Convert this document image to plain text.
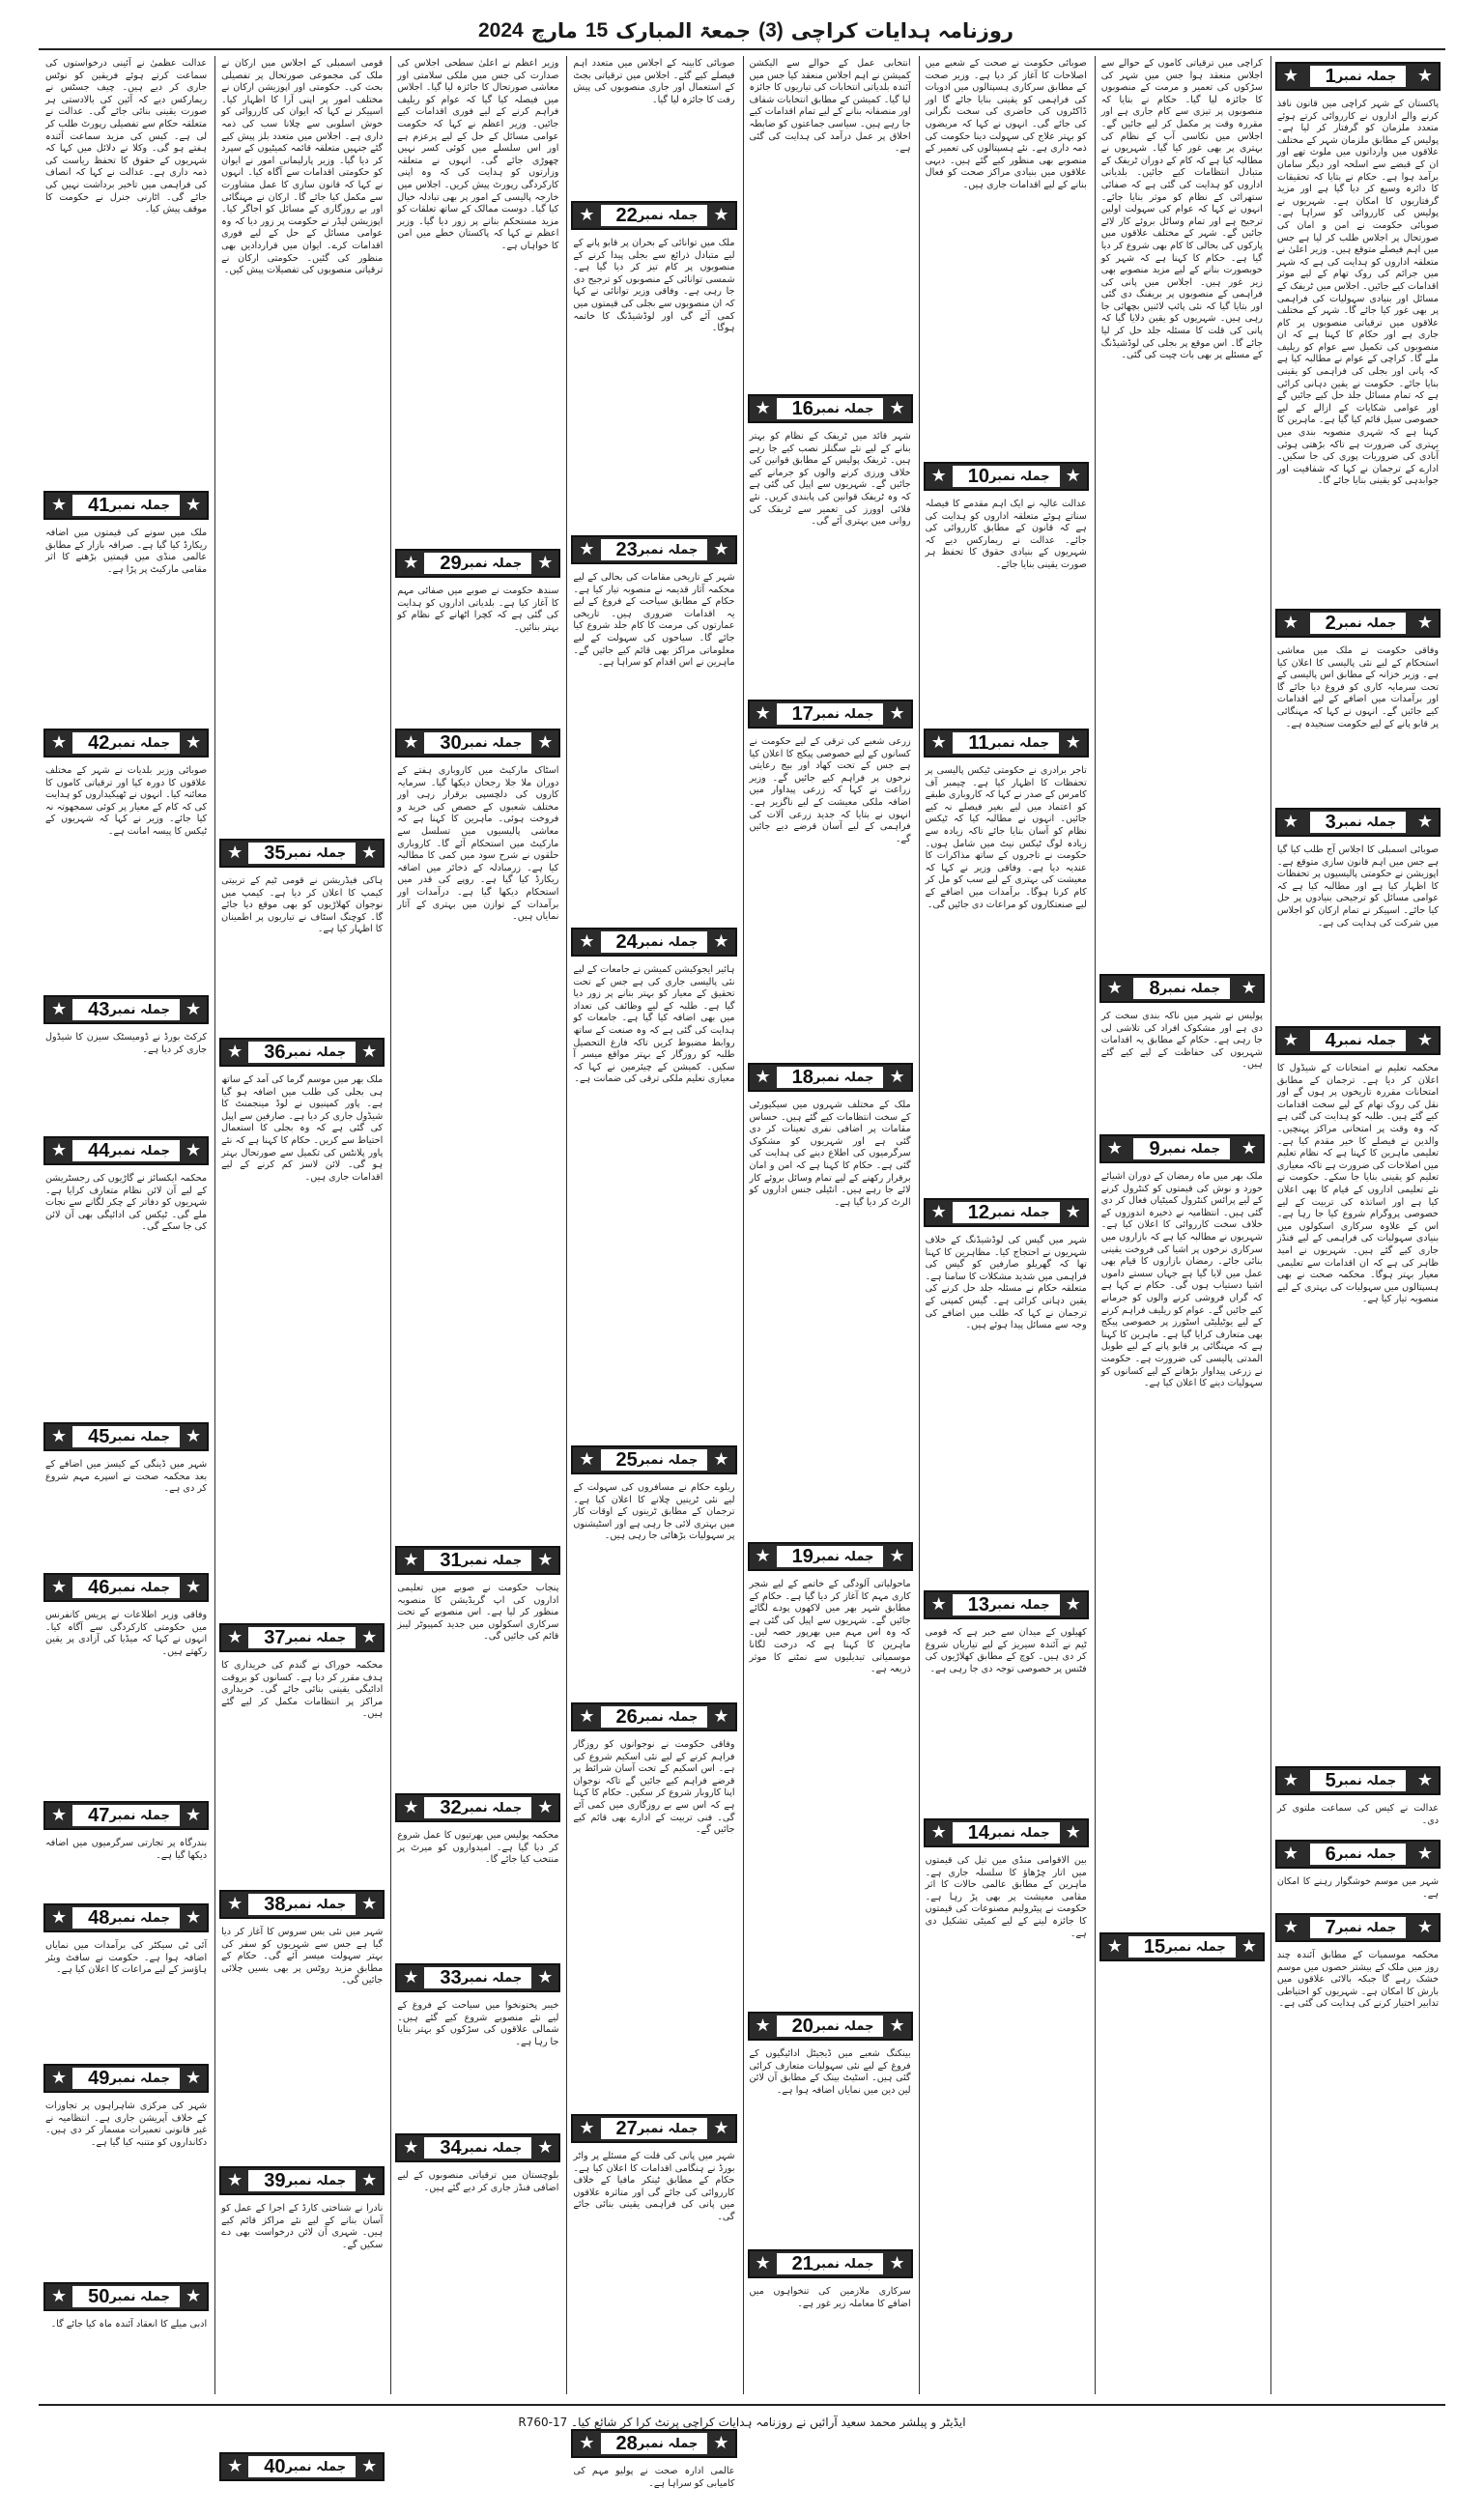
روزنامہ ہدایات کراچی
(3)
جمعۃ المبارک
15
مارچ
2024
★
جملہ نمبر
1
★
پاکستان کے شہر کراچی میں قانون نافذ کرنے والے اداروں نے کارروائی کرتے ہوئے متعدد ملزمان کو گرفتار کر لیا ہے۔ پولیس کے مطابق ملزمان شہر کے مختلف علاقوں میں وارداتوں میں ملوث تھے اور ان کے قبضے سے اسلحہ اور دیگر سامان برآمد ہوا ہے۔ حکام نے بتایا کہ تحقیقات کا دائرہ وسیع کر دیا گیا ہے اور مزید گرفتاریوں کا امکان ہے۔ شہریوں نے پولیس کی کارروائی کو سراہا ہے۔ صوبائی حکومت نے امن و امان کی صورتحال پر اجلاس طلب کر لیا ہے جس میں اہم فیصلے متوقع ہیں۔ وزیر اعلیٰ نے متعلقہ اداروں کو ہدایت کی ہے کہ شہر میں جرائم کی روک تھام کے لیے موثر اقدامات کیے جائیں۔ اجلاس میں ٹریفک کے مسائل اور بنیادی سہولیات کی فراہمی پر بھی غور کیا جائے گا۔ شہر کے مختلف علاقوں میں ترقیاتی منصوبوں پر کام جاری ہے اور حکام کا کہنا ہے کہ ان منصوبوں کی تکمیل سے عوام کو ریلیف ملے گا۔ کراچی کے عوام نے مطالبہ کیا ہے کہ پانی اور بجلی کی فراہمی کو یقینی بنایا جائے۔ حکومت نے یقین دہانی کرائی ہے کہ تمام مسائل جلد حل کیے جائیں گے اور عوامی شکایات کے ازالے کے لیے خصوصی سیل قائم کیا گیا ہے۔ ماہرین کا کہنا ہے کہ شہری منصوبہ بندی میں بہتری کی ضرورت ہے تاکہ بڑھتی ہوئی آبادی کی ضروریات پوری کی جا سکیں۔ ادارے کے ترجمان نے کہا کہ شفافیت اور جوابدہی کو یقینی بنایا جائے گا۔
★
جملہ نمبر
2
★
وفاقی حکومت نے ملک میں معاشی استحکام کے لیے نئی پالیسی کا اعلان کیا ہے۔ وزیر خزانہ کے مطابق اس پالیسی کے تحت سرمایہ کاری کو فروغ دیا جائے گا اور برآمدات میں اضافے کے لیے اقدامات کیے جائیں گے۔ انہوں نے کہا کہ مہنگائی پر قابو پانے کے لیے حکومت سنجیدہ ہے۔
★
جملہ نمبر
3
★
صوبائی اسمبلی کا اجلاس آج طلب کیا گیا ہے جس میں اہم قانون سازی متوقع ہے۔ اپوزیشن نے حکومتی پالیسیوں پر تحفظات کا اظہار کیا ہے اور مطالبہ کیا ہے کہ عوامی مسائل کو ترجیحی بنیادوں پر حل کیا جائے۔ اسپیکر نے تمام ارکان کو اجلاس میں شرکت کی ہدایت کی ہے۔
★
جملہ نمبر
4
★
محکمہ تعلیم نے امتحانات کے شیڈول کا اعلان کر دیا ہے۔ ترجمان کے مطابق امتحانات مقررہ تاریخوں پر ہوں گے اور نقل کی روک تھام کے لیے سخت اقدامات کیے گئے ہیں۔ طلبہ کو ہدایت کی گئی ہے کہ وہ وقت پر امتحانی مراکز پہنچیں۔ والدین نے فیصلے کا خیر مقدم کیا ہے۔ تعلیمی ماہرین کا کہنا ہے کہ نظام تعلیم میں اصلاحات کی ضرورت ہے تاکہ معیاری تعلیم کو یقینی بنایا جا سکے۔ حکومت نے نئے تعلیمی اداروں کے قیام کا بھی اعلان کیا ہے اور اساتذہ کی تربیت کے لیے خصوصی پروگرام شروع کیا جا رہا ہے۔ اس کے علاوہ سرکاری اسکولوں میں بنیادی سہولیات کی فراہمی کے لیے فنڈز جاری کیے گئے ہیں۔ شہریوں نے امید ظاہر کی ہے کہ ان اقدامات سے تعلیمی معیار بہتر ہوگا۔ محکمہ صحت نے بھی ہسپتالوں میں سہولیات کی بہتری کے لیے منصوبہ تیار کیا ہے۔
★
جملہ نمبر
5
★
عدالت نے کیس کی سماعت ملتوی کر دی۔
★
جملہ نمبر
6
★
شہر میں موسم خوشگوار رہنے کا امکان ہے۔
★
جملہ نمبر
7
★
محکمہ موسمیات کے مطابق آئندہ چند روز میں ملک کے بیشتر حصوں میں موسم خشک رہے گا جبکہ بالائی علاقوں میں بارش کا امکان ہے۔ شہریوں کو احتیاطی تدابیر اختیار کرنے کی ہدایت کی گئی ہے۔
کراچی میں ترقیاتی کاموں کے حوالے سے اجلاس منعقد ہوا جس میں شہر کی سڑکوں کی تعمیر و مرمت کے منصوبوں کا جائزہ لیا گیا۔ حکام نے بتایا کہ منصوبوں پر تیزی سے کام جاری ہے اور مقررہ وقت پر مکمل کر لیے جائیں گے۔ اجلاس میں نکاسی آب کے نظام کی بہتری پر بھی غور کیا گیا۔ شہریوں نے مطالبہ کیا ہے کہ کام کے دوران ٹریفک کے متبادل انتظامات کیے جائیں۔ بلدیاتی اداروں کو ہدایت کی گئی ہے کہ صفائی ستھرائی کے نظام کو موثر بنایا جائے۔ انہوں نے کہا کہ عوام کی سہولت اولین ترجیح ہے اور تمام وسائل بروئے کار لائے جائیں گے۔ شہر کے مختلف علاقوں میں پارکوں کی بحالی کا کام بھی شروع کر دیا گیا ہے۔ حکام کا کہنا ہے کہ شہر کو خوبصورت بنانے کے لیے مزید منصوبے بھی زیر غور ہیں۔ اجلاس میں پانی کی فراہمی کے منصوبوں پر بریفنگ دی گئی اور بتایا گیا کہ نئی پائپ لائنیں بچھائی جا رہی ہیں۔ شہریوں کو یقین دلایا گیا کہ پانی کی قلت کا مسئلہ جلد حل کر لیا جائے گا۔ اس موقع پر بجلی کی لوڈشیڈنگ کے مسئلے پر بھی بات چیت کی گئی۔
★
جملہ نمبر
8
★
پولیس نے شہر میں ناکہ بندی سخت کر دی ہے اور مشکوک افراد کی تلاشی لی جا رہی ہے۔ حکام کے مطابق یہ اقدامات شہریوں کی حفاظت کے لیے کیے گئے ہیں۔
★
جملہ نمبر
9
★
ملک بھر میں ماہ رمضان کے دوران اشیائے خورد و نوش کی قیمتوں کو کنٹرول کرنے کے لیے پرائس کنٹرول کمیٹیاں فعال کر دی گئی ہیں۔ انتظامیہ نے ذخیرہ اندوزوں کے خلاف سخت کارروائی کا اعلان کیا ہے۔ شہریوں نے مطالبہ کیا ہے کہ بازاروں میں سرکاری نرخوں پر اشیا کی فروخت یقینی بنائی جائے۔ رمضان بازاروں کا قیام بھی عمل میں لایا گیا ہے جہاں سستے داموں اشیا دستیاب ہوں گی۔ حکام نے کہا ہے کہ گراں فروشی کرنے والوں کو جرمانے کیے جائیں گے۔ عوام کو ریلیف فراہم کرنے کے لیے یوٹیلیٹی اسٹورز پر خصوصی پیکج بھی متعارف کرایا گیا ہے۔ ماہرین کا کہنا ہے کہ مہنگائی پر قابو پانے کے لیے طویل المدتی پالیسی کی ضرورت ہے۔ حکومت نے زرعی پیداوار بڑھانے کے لیے کسانوں کو سہولیات دینے کا اعلان کیا ہے۔
★
جملہ نمبر
15
★
صوبائی حکومت نے صحت کے شعبے میں اصلاحات کا آغاز کر دیا ہے۔ وزیر صحت کے مطابق سرکاری ہسپتالوں میں ادویات کی فراہمی کو یقینی بنایا جائے گا اور ڈاکٹروں کی حاضری کی سخت نگرانی کی جائے گی۔ انہوں نے کہا کہ مریضوں کو بہتر علاج کی سہولت دینا حکومت کی ذمہ داری ہے۔ نئے ہسپتالوں کی تعمیر کے منصوبے بھی منظور کیے گئے ہیں۔ دیہی علاقوں میں بنیادی مراکز صحت کو فعال بنانے کے لیے اقدامات جاری ہیں۔
★
جملہ نمبر
10
★
عدالت عالیہ نے ایک اہم مقدمے کا فیصلہ سناتے ہوئے متعلقہ اداروں کو ہدایت کی ہے کہ قانون کے مطابق کارروائی کی جائے۔ عدالت نے ریمارکس دیے کہ شہریوں کے بنیادی حقوق کا تحفظ ہر صورت یقینی بنایا جائے۔
★
جملہ نمبر
11
★
تاجر برادری نے حکومتی ٹیکس پالیسی پر تحفظات کا اظہار کیا ہے۔ چیمبر آف کامرس کے صدر نے کہا کہ کاروباری طبقے کو اعتماد میں لیے بغیر فیصلے نہ کیے جائیں۔ انہوں نے مطالبہ کیا کہ ٹیکس نظام کو آسان بنایا جائے تاکہ زیادہ سے زیادہ لوگ ٹیکس نیٹ میں شامل ہوں۔ حکومت نے تاجروں کے ساتھ مذاکرات کا عندیہ دیا ہے۔ وفاقی وزیر نے کہا کہ معیشت کی بہتری کے لیے سب کو مل کر کام کرنا ہوگا۔ برآمدات میں اضافے کے لیے صنعتکاروں کو مراعات دی جائیں گی۔
★
جملہ نمبر
12
★
شہر میں گیس کی لوڈشیڈنگ کے خلاف شہریوں نے احتجاج کیا۔ مظاہرین کا کہنا تھا کہ گھریلو صارفین کو گیس کی فراہمی میں شدید مشکلات کا سامنا ہے۔ متعلقہ حکام نے مسئلہ جلد حل کرنے کی یقین دہانی کرائی ہے۔ گیس کمپنی کے ترجمان نے کہا کہ طلب میں اضافے کی وجہ سے مسائل پیدا ہوئے ہیں۔
★
جملہ نمبر
13
★
کھیلوں کے میدان سے خبر ہے کہ قومی ٹیم نے آئندہ سیریز کے لیے تیاریاں شروع کر دی ہیں۔ کوچ کے مطابق کھلاڑیوں کی فٹنس پر خصوصی توجہ دی جا رہی ہے۔
★
جملہ نمبر
14
★
بین الاقوامی منڈی میں تیل کی قیمتوں میں اتار چڑھاؤ کا سلسلہ جاری ہے۔ ماہرین کے مطابق عالمی حالات کا اثر مقامی معیشت پر بھی پڑ رہا ہے۔ حکومت نے پیٹرولیم مصنوعات کی قیمتوں کا جائزہ لینے کے لیے کمیٹی تشکیل دی ہے۔
انتخابی عمل کے حوالے سے الیکشن کمیشن نے اہم اجلاس منعقد کیا جس میں آئندہ بلدیاتی انتخابات کی تیاریوں کا جائزہ لیا گیا۔ کمیشن کے مطابق انتخابات شفاف اور منصفانہ بنانے کے لیے تمام اقدامات کیے جا رہے ہیں۔ سیاسی جماعتوں کو ضابطہ اخلاق پر عمل درآمد کی ہدایت کی گئی ہے۔
★
جملہ نمبر
16
★
شہر قائد میں ٹریفک کے نظام کو بہتر بنانے کے لیے نئے سگنلز نصب کیے جا رہے ہیں۔ ٹریفک پولیس کے مطابق قوانین کی خلاف ورزی کرنے والوں کو جرمانے کیے جائیں گے۔ شہریوں سے اپیل کی گئی ہے کہ وہ ٹریفک قوانین کی پابندی کریں۔ نئے فلائی اوورز کی تعمیر سے ٹریفک کی روانی میں بہتری آئے گی۔
★
جملہ نمبر
17
★
زرعی شعبے کی ترقی کے لیے حکومت نے کسانوں کے لیے خصوصی پیکج کا اعلان کیا ہے جس کے تحت کھاد اور بیج رعایتی نرخوں پر فراہم کیے جائیں گے۔ وزیر زراعت نے کہا کہ زرعی پیداوار میں اضافہ ملکی معیشت کے لیے ناگزیر ہے۔ انہوں نے بتایا کہ جدید زرعی آلات کی فراہمی کے لیے آسان قرضے دیے جائیں گے۔
★
جملہ نمبر
18
★
ملک کے مختلف شہروں میں سیکیورٹی کے سخت انتظامات کیے گئے ہیں۔ حساس مقامات پر اضافی نفری تعینات کر دی گئی ہے اور شہریوں کو مشکوک سرگرمیوں کی اطلاع دینے کی ہدایت کی گئی ہے۔ حکام کا کہنا ہے کہ امن و امان برقرار رکھنے کے لیے تمام وسائل بروئے کار لائے جا رہے ہیں۔ انٹیلی جنس اداروں کو الرٹ کر دیا گیا ہے۔
★
جملہ نمبر
19
★
ماحولیاتی آلودگی کے خاتمے کے لیے شجر کاری مہم کا آغاز کر دیا گیا ہے۔ حکام کے مطابق شہر بھر میں لاکھوں پودے لگائے جائیں گے۔ شہریوں سے اپیل کی گئی ہے کہ وہ اس مہم میں بھرپور حصہ لیں۔ ماہرین کا کہنا ہے کہ درخت لگانا موسمیاتی تبدیلیوں سے نمٹنے کا موثر ذریعہ ہے۔
★
جملہ نمبر
20
★
بینکنگ شعبے میں ڈیجیٹل ادائیگیوں کے فروغ کے لیے نئی سہولیات متعارف کرائی گئی ہیں۔ اسٹیٹ بینک کے مطابق آن لائن لین دین میں نمایاں اضافہ ہوا ہے۔
★
جملہ نمبر
21
★
سرکاری ملازمین کی تنخواہوں میں اضافے کا معاملہ زیر غور ہے۔
صوبائی کابینہ کے اجلاس میں متعدد اہم فیصلے کیے گئے۔ اجلاس میں ترقیاتی بجٹ کے استعمال اور جاری منصوبوں کی پیش رفت کا جائزہ لیا گیا۔
★
جملہ نمبر
22
★
ملک میں توانائی کے بحران پر قابو پانے کے لیے متبادل ذرائع سے بجلی پیدا کرنے کے منصوبوں پر کام تیز کر دیا گیا ہے۔ شمسی توانائی کے منصوبوں کو ترجیح دی جا رہی ہے۔ وفاقی وزیر توانائی نے کہا کہ ان منصوبوں سے بجلی کی قیمتوں میں کمی آئے گی اور لوڈشیڈنگ کا خاتمہ ہوگا۔
★
جملہ نمبر
23
★
شہر کے تاریخی مقامات کی بحالی کے لیے محکمہ آثار قدیمہ نے منصوبہ تیار کیا ہے۔ حکام کے مطابق سیاحت کے فروغ کے لیے یہ اقدامات ضروری ہیں۔ تاریخی عمارتوں کی مرمت کا کام جلد شروع کیا جائے گا۔ سیاحوں کی سہولت کے لیے معلوماتی مراکز بھی قائم کیے جائیں گے۔ ماہرین نے اس اقدام کو سراہا ہے۔
★
جملہ نمبر
24
★
ہائیر ایجوکیشن کمیشن نے جامعات کے لیے نئی پالیسی جاری کی ہے جس کے تحت تحقیق کے معیار کو بہتر بنانے پر زور دیا گیا ہے۔ طلبہ کے لیے وظائف کی تعداد میں بھی اضافہ کیا گیا ہے۔ جامعات کو ہدایت کی گئی ہے کہ وہ صنعت کے ساتھ روابط مضبوط کریں تاکہ فارغ التحصیل طلبہ کو روزگار کے بہتر مواقع میسر آ سکیں۔ کمیشن کے چیئرمین نے کہا کہ معیاری تعلیم ملکی ترقی کی ضمانت ہے۔
★
جملہ نمبر
25
★
ریلوے حکام نے مسافروں کی سہولت کے لیے نئی ٹرینیں چلانے کا اعلان کیا ہے۔ ترجمان کے مطابق ٹرینوں کے اوقات کار میں بہتری لائی جا رہی ہے اور اسٹیشنوں پر سہولیات بڑھائی جا رہی ہیں۔
★
جملہ نمبر
26
★
وفاقی حکومت نے نوجوانوں کو روزگار فراہم کرنے کے لیے نئی اسکیم شروع کی ہے۔ اس اسکیم کے تحت آسان شرائط پر قرضے فراہم کیے جائیں گے تاکہ نوجوان اپنا کاروبار شروع کر سکیں۔ حکام کا کہنا ہے کہ اس سے بے روزگاری میں کمی آئے گی۔ فنی تربیت کے ادارے بھی قائم کیے جائیں گے۔
★
جملہ نمبر
27
★
شہر میں پانی کی قلت کے مسئلے پر واٹر بورڈ نے ہنگامی اقدامات کا اعلان کیا ہے۔ حکام کے مطابق ٹینکر مافیا کے خلاف کارروائی کی جائے گی اور متاثرہ علاقوں میں پانی کی فراہمی یقینی بنائی جائے گی۔
★
جملہ نمبر
28
★
عالمی ادارہ صحت نے پولیو مہم کی کامیابی کو سراہا ہے۔
وزیر اعظم نے اعلیٰ سطحی اجلاس کی صدارت کی جس میں ملکی سلامتی اور معاشی صورتحال کا جائزہ لیا گیا۔ اجلاس میں فیصلہ کیا گیا کہ عوام کو ریلیف فراہم کرنے کے لیے فوری اقدامات کیے جائیں۔ وزیر اعظم نے کہا کہ حکومت عوامی مسائل کے حل کے لیے پرعزم ہے اور اس سلسلے میں کوئی کسر نہیں چھوڑی جائے گی۔ انہوں نے متعلقہ وزارتوں کو ہدایت کی کہ وہ اپنی کارکردگی رپورٹ پیش کریں۔ اجلاس میں خارجہ پالیسی کے امور پر بھی تبادلہ خیال کیا گیا۔ دوست ممالک کے ساتھ تعلقات کو مزید مستحکم بنانے پر زور دیا گیا۔ وزیر اعظم نے کہا کہ پاکستان خطے میں امن کا خواہاں ہے۔
★
جملہ نمبر
29
★
سندھ حکومت نے صوبے میں صفائی مہم کا آغاز کیا ہے۔ بلدیاتی اداروں کو ہدایت کی گئی ہے کہ کچرا اٹھانے کے نظام کو بہتر بنائیں۔
★
جملہ نمبر
30
★
اسٹاک مارکیٹ میں کاروباری ہفتے کے دوران ملا جلا رجحان دیکھا گیا۔ سرمایہ کاروں کی دلچسپی برقرار رہی اور مختلف شعبوں کے حصص کی خرید و فروخت ہوئی۔ ماہرین کا کہنا ہے کہ معاشی پالیسیوں میں تسلسل سے مارکیٹ میں استحکام آئے گا۔ کاروباری حلقوں نے شرح سود میں کمی کا مطالبہ کیا ہے۔ زرمبادلہ کے ذخائر میں اضافہ ریکارڈ کیا گیا ہے۔ روپے کی قدر میں استحکام دیکھا گیا ہے۔ درآمدات اور برآمدات کے توازن میں بہتری کے آثار نمایاں ہیں۔
★
جملہ نمبر
31
★
پنجاب حکومت نے صوبے میں تعلیمی اداروں کی اپ گریڈیشن کا منصوبہ منظور کر لیا ہے۔ اس منصوبے کے تحت سرکاری اسکولوں میں جدید کمپیوٹر لیبز قائم کی جائیں گی۔
★
جملہ نمبر
32
★
محکمہ پولیس میں بھرتیوں کا عمل شروع کر دیا گیا ہے۔ امیدواروں کو میرٹ پر منتخب کیا جائے گا۔
★
جملہ نمبر
33
★
خیبر پختونخوا میں سیاحت کے فروغ کے لیے نئے منصوبے شروع کیے گئے ہیں۔ شمالی علاقوں کی سڑکوں کو بہتر بنایا جا رہا ہے۔
★
جملہ نمبر
34
★
بلوچستان میں ترقیاتی منصوبوں کے لیے اضافی فنڈز جاری کر دیے گئے ہیں۔
قومی اسمبلی کے اجلاس میں ارکان نے ملک کی مجموعی صورتحال پر تفصیلی بحث کی۔ حکومتی اور اپوزیشن ارکان نے مختلف امور پر اپنی آرا کا اظہار کیا۔ اسپیکر نے کہا کہ ایوان کی کارروائی کو خوش اسلوبی سے چلانا سب کی ذمہ داری ہے۔ اجلاس میں متعدد بلز پیش کیے گئے جنہیں متعلقہ قائمہ کمیٹیوں کے سپرد کر دیا گیا۔ وزیر پارلیمانی امور نے ایوان کو حکومتی اقدامات سے آگاہ کیا۔ انہوں نے کہا کہ قانون سازی کا عمل مشاورت سے مکمل کیا جائے گا۔ ارکان نے مہنگائی اور بے روزگاری کے مسائل کو اجاگر کیا۔ اپوزیشن لیڈر نے حکومت پر زور دیا کہ وہ عوامی مسائل کے حل کے لیے فوری اقدامات کرے۔ ایوان میں قراردادیں بھی منظور کی گئیں۔ حکومتی ارکان نے ترقیاتی منصوبوں کی تفصیلات پیش کیں۔
★
جملہ نمبر
35
★
ہاکی فیڈریشن نے قومی ٹیم کے تربیتی کیمپ کا اعلان کر دیا ہے۔ کیمپ میں نوجوان کھلاڑیوں کو بھی موقع دیا جائے گا۔ کوچنگ اسٹاف نے تیاریوں پر اطمینان کا اظہار کیا ہے۔
★
جملہ نمبر
36
★
ملک بھر میں موسم گرما کی آمد کے ساتھ ہی بجلی کی طلب میں اضافہ ہو گیا ہے۔ پاور کمپنیوں نے لوڈ مینجمنٹ کا شیڈول جاری کر دیا ہے۔ صارفین سے اپیل کی گئی ہے کہ وہ بجلی کا استعمال احتیاط سے کریں۔ حکام کا کہنا ہے کہ نئے پاور پلانٹس کی تکمیل سے صورتحال بہتر ہو گی۔ لائن لاسز کم کرنے کے لیے اقدامات جاری ہیں۔
★
جملہ نمبر
37
★
محکمہ خوراک نے گندم کی خریداری کا ہدف مقرر کر دیا ہے۔ کسانوں کو بروقت ادائیگی یقینی بنائی جائے گی۔ خریداری مراکز پر انتظامات مکمل کر لیے گئے ہیں۔
★
جملہ نمبر
38
★
شہر میں نئی بس سروس کا آغاز کر دیا گیا ہے جس سے شہریوں کو سفر کی بہتر سہولت میسر آئے گی۔ حکام کے مطابق مزید روٹس پر بھی بسیں چلائی جائیں گی۔
★
جملہ نمبر
39
★
نادرا نے شناختی کارڈ کے اجرا کے عمل کو آسان بنانے کے لیے نئے مراکز قائم کیے ہیں۔ شہری آن لائن درخواست بھی دے سکیں گے۔
★
جملہ نمبر
40
★
عدالت عظمیٰ نے آئینی درخواستوں کی سماعت کرتے ہوئے فریقین کو نوٹس جاری کر دیے ہیں۔ چیف جسٹس نے ریمارکس دیے کہ آئین کی بالادستی ہر صورت یقینی بنائی جائے گی۔ عدالت نے متعلقہ حکام سے تفصیلی رپورٹ طلب کر لی ہے۔ کیس کی مزید سماعت آئندہ ہفتے ہو گی۔ وکلا نے دلائل میں کہا کہ شہریوں کے حقوق کا تحفظ ریاست کی ذمہ داری ہے۔ عدالت نے کہا کہ انصاف کی فراہمی میں تاخیر برداشت نہیں کی جائے گی۔ اٹارنی جنرل نے حکومت کا موقف پیش کیا۔
★
جملہ نمبر
41
★
ملک میں سونے کی قیمتوں میں اضافہ ریکارڈ کیا گیا ہے۔ صرافہ بازار کے مطابق عالمی منڈی میں قیمتیں بڑھنے کا اثر مقامی مارکیٹ پر پڑا ہے۔
★
جملہ نمبر
42
★
صوبائی وزیر بلدیات نے شہر کے مختلف علاقوں کا دورہ کیا اور ترقیاتی کاموں کا معائنہ کیا۔ انہوں نے ٹھیکیداروں کو ہدایت کی کہ کام کے معیار پر کوئی سمجھوتہ نہ کیا جائے۔ وزیر نے کہا کہ شہریوں کے ٹیکس کا پیسہ امانت ہے۔
★
جملہ نمبر
43
★
کرکٹ بورڈ نے ڈومیسٹک سیزن کا شیڈول جاری کر دیا ہے۔
★
جملہ نمبر
44
★
محکمہ ایکسائز نے گاڑیوں کی رجسٹریشن کے لیے آن لائن نظام متعارف کرایا ہے۔ شہریوں کو دفاتر کے چکر لگانے سے نجات ملے گی۔ ٹیکس کی ادائیگی بھی آن لائن کی جا سکے گی۔
★
جملہ نمبر
45
★
شہر میں ڈینگی کے کیسز میں اضافے کے بعد محکمہ صحت نے اسپرے مہم شروع کر دی ہے۔
★
جملہ نمبر
46
★
وفاقی وزیر اطلاعات نے پریس کانفرنس میں حکومتی کارکردگی سے آگاہ کیا۔ انہوں نے کہا کہ میڈیا کی آزادی پر یقین رکھتے ہیں۔
★
جملہ نمبر
47
★
بندرگاہ پر تجارتی سرگرمیوں میں اضافہ دیکھا گیا ہے۔
★
جملہ نمبر
48
★
آئی ٹی سیکٹر کی برآمدات میں نمایاں اضافہ ہوا ہے۔ حکومت نے سافٹ ویئر ہاؤسز کے لیے مراعات کا اعلان کیا ہے۔
★
جملہ نمبر
49
★
شہر کی مرکزی شاہراہوں پر تجاوزات کے خلاف آپریشن جاری ہے۔ انتظامیہ نے غیر قانونی تعمیرات مسمار کر دی ہیں۔ دکانداروں کو متنبہ کیا گیا ہے۔
★
جملہ نمبر
50
★
ادبی میلے کا انعقاد آئندہ ماہ کیا جائے گا۔
ایڈیٹر و پبلشر محمد سعید آرائیں نے روزنامہ ہدایات کراچی پرنٹ کرا کر شائع کیا۔ R760-17
